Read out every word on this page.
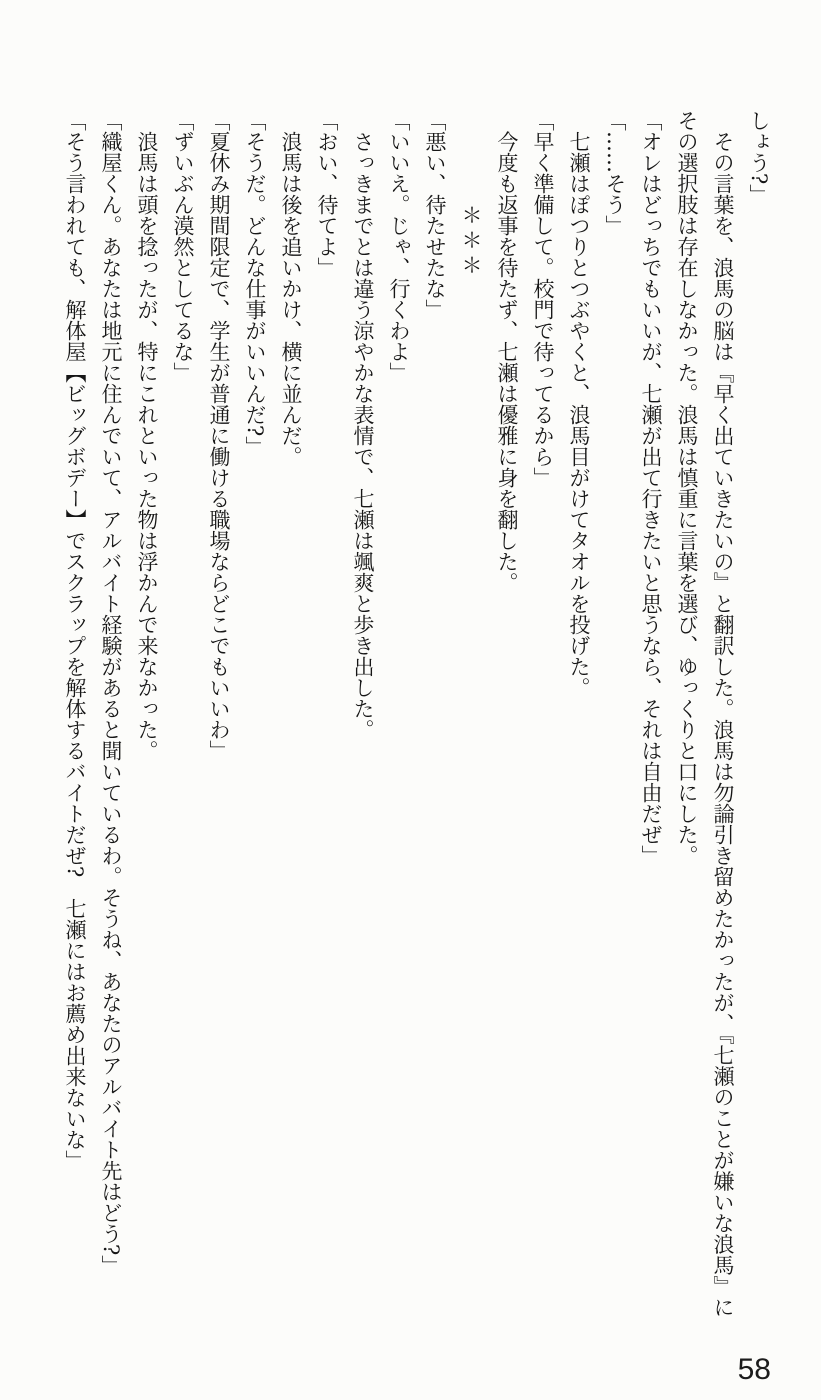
しょう?」

その言葉を、浪馬の脳は『早く出ていきたいの』と翻訳した。浪馬は勿論引き留めたかったが、『七瀬のことが嫌いな浪馬』にその選択肢は存在しなかった。浪馬は慎重に言葉を選び、ゆっくりと口にした。

「オレはどっちでもいいが、七瀬が出て行きたいと思うなら、それは自由だぜ」

「……そう」

七瀬はぽつりとつぶやくと、浪馬目がけてタオルを投げた。

「早く準備して。校門で待ってるから」

今度も返事を待たず、七瀬は優雅に身を翻した。

＊＊＊

「悪い、待たせたな」

「いいえ。じゃ、行くわよ」

さっきまでとは違う涼やかな表情で、七瀬は颯爽と歩き出した。

「おい、待てよ」

浪馬は後を追いかけ、横に並んだ。

「そうだ。どんな仕事がいいんだ?」

「夏休み期間限定で、学生が普通に働ける職場ならどこでもいいわ」

「ずいぶん漠然としてるな」

浪馬は頭を捻ったが、特にこれといった物は浮かんで来なかった。

「織屋くん。あなたは地元に住んでいて、アルバイト経験があると聞いているわ。そうね、あなたのアルバイト先はどう?」

「そう言われても、解体屋【ビッグボデー】でスクラップを解体するバイトだぜ?　七瀬にはお薦め出来ないな」

58
